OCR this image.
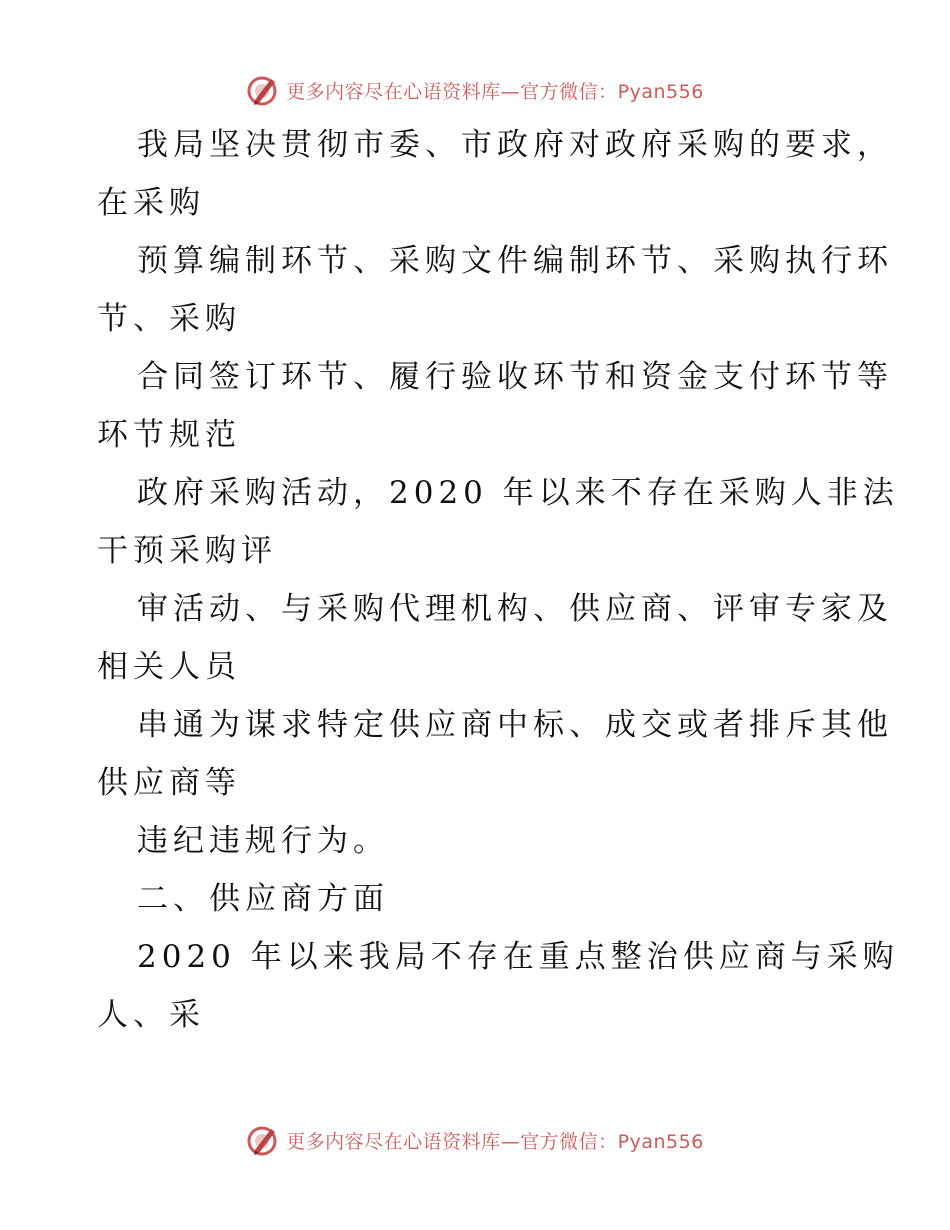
更多内容尽在心语资料库—官方微信：Pyan556
我局坚决贯彻市委、市政府对政府采购的要求，
在采购
预算编制环节、采购文件编制环节、采购执行环
节、采购
合同签订环节、履行验收环节和资金支付环节等
环节规范
政府采购活动，2020 年以来不存在采购人非法
干预采购评
审活动、与采购代理机构、供应商、评审专家及
相关人员
串通为谋求特定供应商中标、成交或者排斥其他
供应商等
违纪违规行为。
二、供应商方面
2020 年以来我局不存在重点整治供应商与采购
人、采
更多内容尽在心语资料库—官方微信：Pyan556
